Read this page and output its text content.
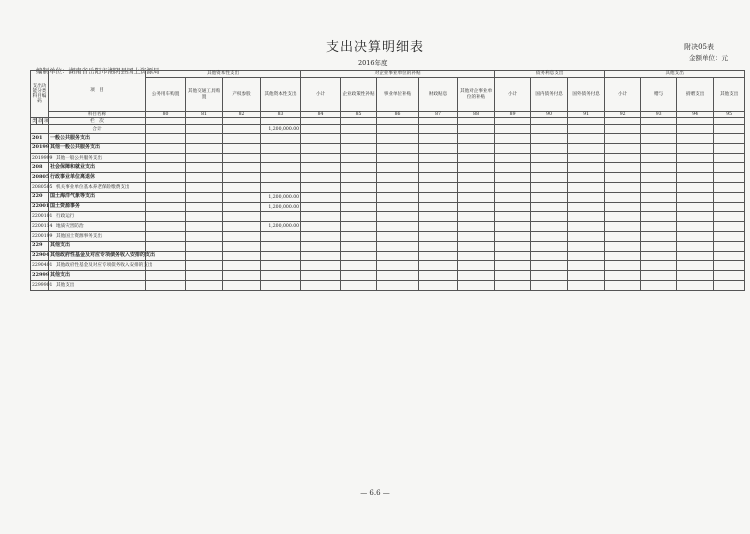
支出决算明细表	附决05表
金额单位：元
2016年度
编制单位：湖南省岳阳市湘阴县国土资源局
支出功能分类科目编码			项　目	其他资本性支出				对企业事业单位的补贴					债务利息支出			其他支出			
				公务用车购置	其他交通工具购置	产权参股	其他资本性支出	小计	企业政策性补贴	事业单位补贴	财政贴息	其他对企事业单位的补贴	小计	国内债务付息	国外债务付息	小计	赠与	捐赠支出	其他支出
			科目名称	80	81	82	83	84	85	86	87	88	89	90	91	92	93	94	95
类	款	项	栏　次																
			合计				1,200,000.00												
201			一般公共服务支出																
20199			其他一般公共服务支出																
2019999			其他一般公共服务支出																
208			社会保障和就业支出																
20805			行政事业单位离退休																
2080505			机关事业单位基本养老保险缴费支出																
220			国土海洋气象等支出				1,200,000.00												
22001			国土资源事务				1,200,000.00												
2200101			行政运行																
2200114			地质灾害防治				1,200,000.00												
2200199			其他国土资源事务支出																
229			其他支出																
22904			其他政府性基金及对应专项债务收入安排的支出																
2290401			其他政府性基金及对应专项债务收入安排的支出																
22999			其他支出																
2299901			其他支出																
— 6.6 —
